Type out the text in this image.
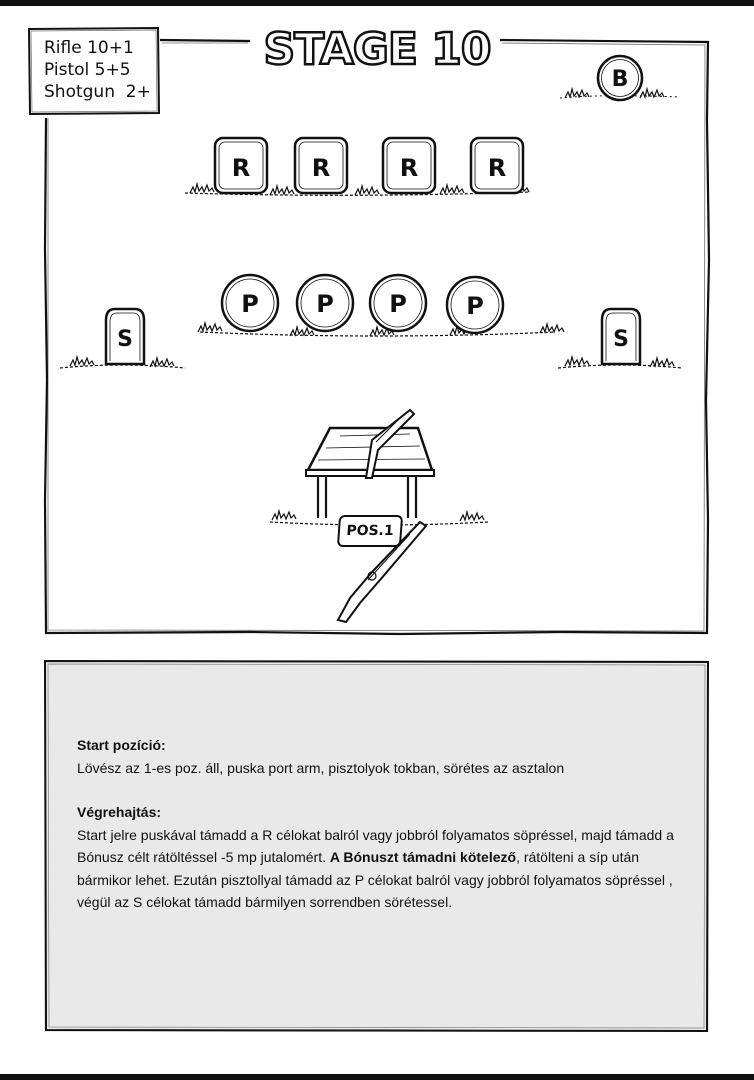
Rifle 10+1
Pistol 5+5
Shotgun  2+
STAGE 10
B
R	R	R	R
P P P P
S	S
POS.1

Start pozíció:

Lövész az 1-es poz. áll, puska port arm, pisztolyok tokban, sörétes az asztalon

Végrehajtás:

Start jelre puskával támadd a R célokat balról vagy jobbról folyamatos söpréssel, majd támadd a Bónusz célt rátöltéssel -5 mp jutalomért. A Bónuszt támadni kötelező, rátölteni a síp után bármikor lehet. Ezután pisztollyal támadd az P célokat balról vagy jobbról folyamatos söpréssel , végül az S célokat támadd bármilyen sorrendben sörétessel.
